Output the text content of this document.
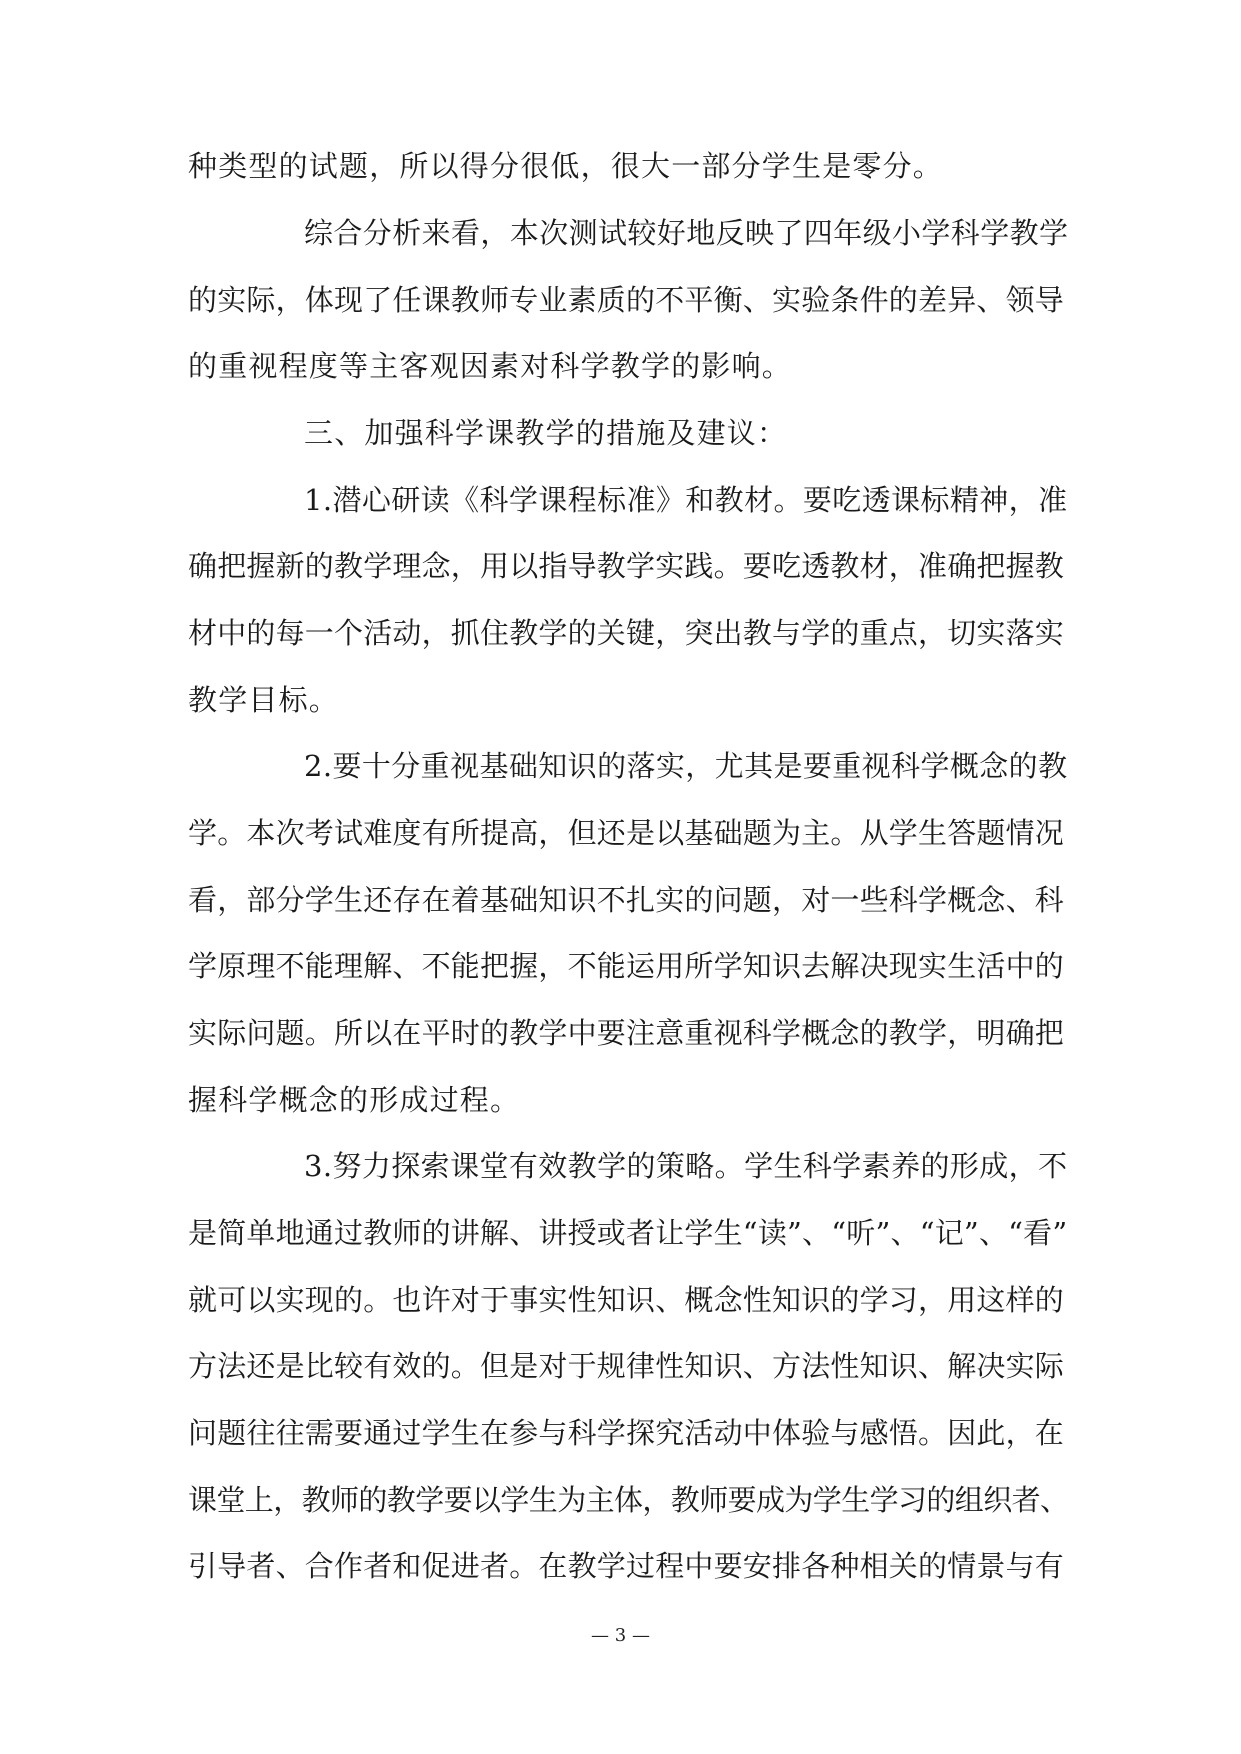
种类型的试题，所以得分很低，很大一部分学生是零分。
综合分析来看，本次测试较好地反映了四年级小学科学教学
的实际，体现了任课教师专业素质的不平衡、实验条件的差异、领导
的重视程度等主客观因素对科学教学的影响。
三、加强科学课教学的措施及建议：
1.潜心研读《科学课程标准》和教材。要吃透课标精神，准
确把握新的教学理念，用以指导教学实践。要吃透教材，准确把握教
材中的每一个活动，抓住教学的关键，突出教与学的重点，切实落实
教学目标。
2.要十分重视基础知识的落实，尤其是要重视科学概念的教
学。本次考试难度有所提高，但还是以基础题为主。从学生答题情况
看，部分学生还存在着基础知识不扎实的问题，对一些科学概念、科
学原理不能理解、不能把握，不能运用所学知识去解决现实生活中的
实际问题。所以在平时的教学中要注意重视科学概念的教学，明确把
握科学概念的形成过程。
3.努力探索课堂有效教学的策略。学生科学素养的形成，不
是简单地通过教师的讲解、讲授或者让学生“读”、“听”、“记”、“看”
就可以实现的。也许对于事实性知识、概念性知识的学习，用这样的
方法还是比较有效的。但是对于规律性知识、方法性知识、解决实际
问题往往需要通过学生在参与科学探究活动中体验与感悟。因此，在
课堂上，教师的教学要以学生为主体，教师要成为学生学习的组织者、
引导者、合作者和促进者。在教学过程中要安排各种相关的情景与有
— 3 —
